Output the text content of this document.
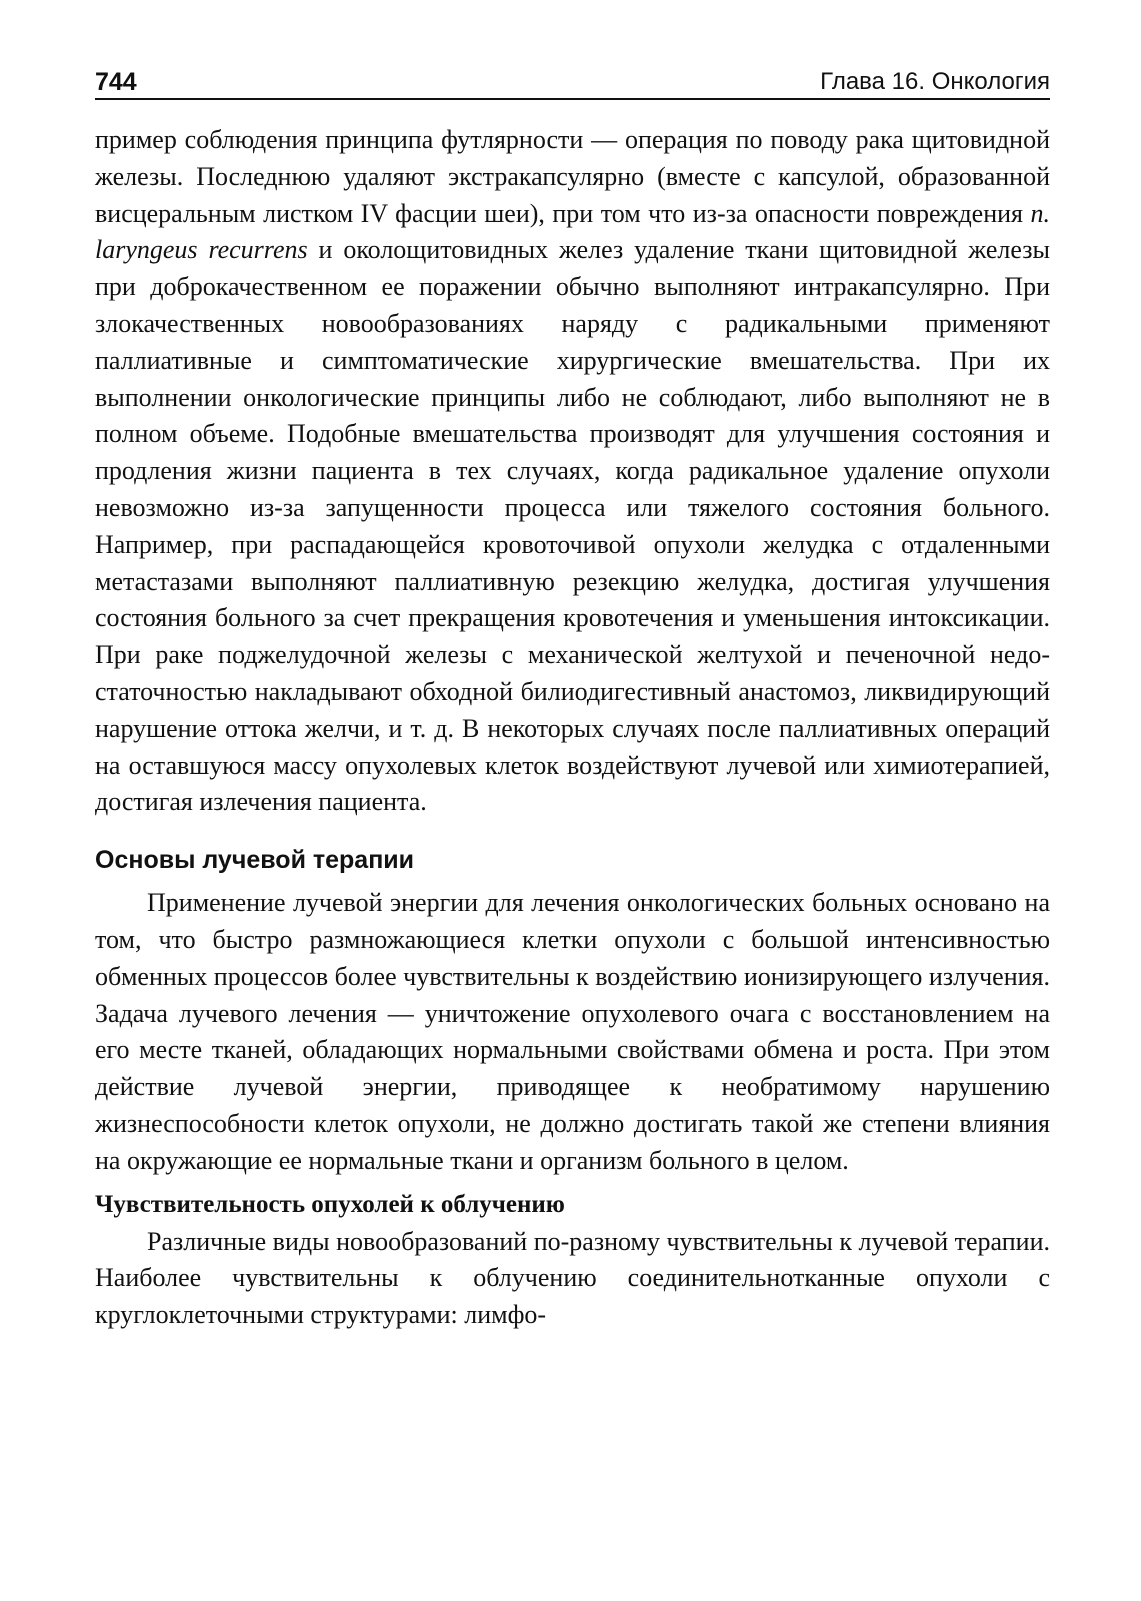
744	Глава 16. Онкология

пример соблюдения принципа футлярности — операция по поводу рака щитовидной железы. Последнюю удаляют экстракапсулярно (вместе с капсулой, образованной висцеральным листком IV фасции шеи), при том что из-за опасности повреждения n. laryngeus recurrens и околощитовидных желез удаление ткани щитовидной железы при доброкачественном ее поражении обычно выполняют интракапсулярно. При злокачественных новообразованиях наряду с радикальными применяют паллиативные и симптоматические хирургические вмешательства. При их выполнении онкологические принципы либо не соблюдают, либо выполняют не в полном объеме. Подобные вмешательства производят для улучшения состояния и продления жизни пациента в тех случаях, когда радикальное удаление опухоли невозможно из-за запущенности процесса или тяжелого состояния больного. Например, при распадающейся кровоточивой опухоли желудка с отдаленными метастазами выполняют паллиативную резекцию желудка, достигая улучшения состояния больного за счет прекращения кровотечения и уменьшения интоксикации. При раке поджелудочной железы с механической желтухой и печеночной недостаточностью накладывают обходной билиодигестивный анастомоз, ликвидирующий нарушение оттока желчи, и т. д. В некоторых случаях после паллиативных операций на оставшуюся массу опухолевых клеток воздействуют лучевой или химиотерапией, достигая излечения пациента.

Основы лучевой терапии

Применение лучевой энергии для лечения онкологических больных основано на том, что быстро размножающиеся клетки опухоли с большой интенсивностью обменных процессов более чувствительны к воздействию ионизирующего излучения. Задача лучевого лечения — уничтожение опухолевого очага с восстановлением на его месте тканей, обладающих нормальными свойствами обмена и роста. При этом действие лучевой энергии, приводящее к необратимому нарушению жизнеспособности клеток опухоли, не должно достигать такой же степени влияния на окружающие ее нормальные ткани и организм больного в целом.

Чувствительность опухолей к облучению

Различные виды новообразований по-разному чувствительны к лучевой терапии. Наиболее чувствительны к облучению соединительнотканные опухоли с круглоклеточными структурами: лимфо-
